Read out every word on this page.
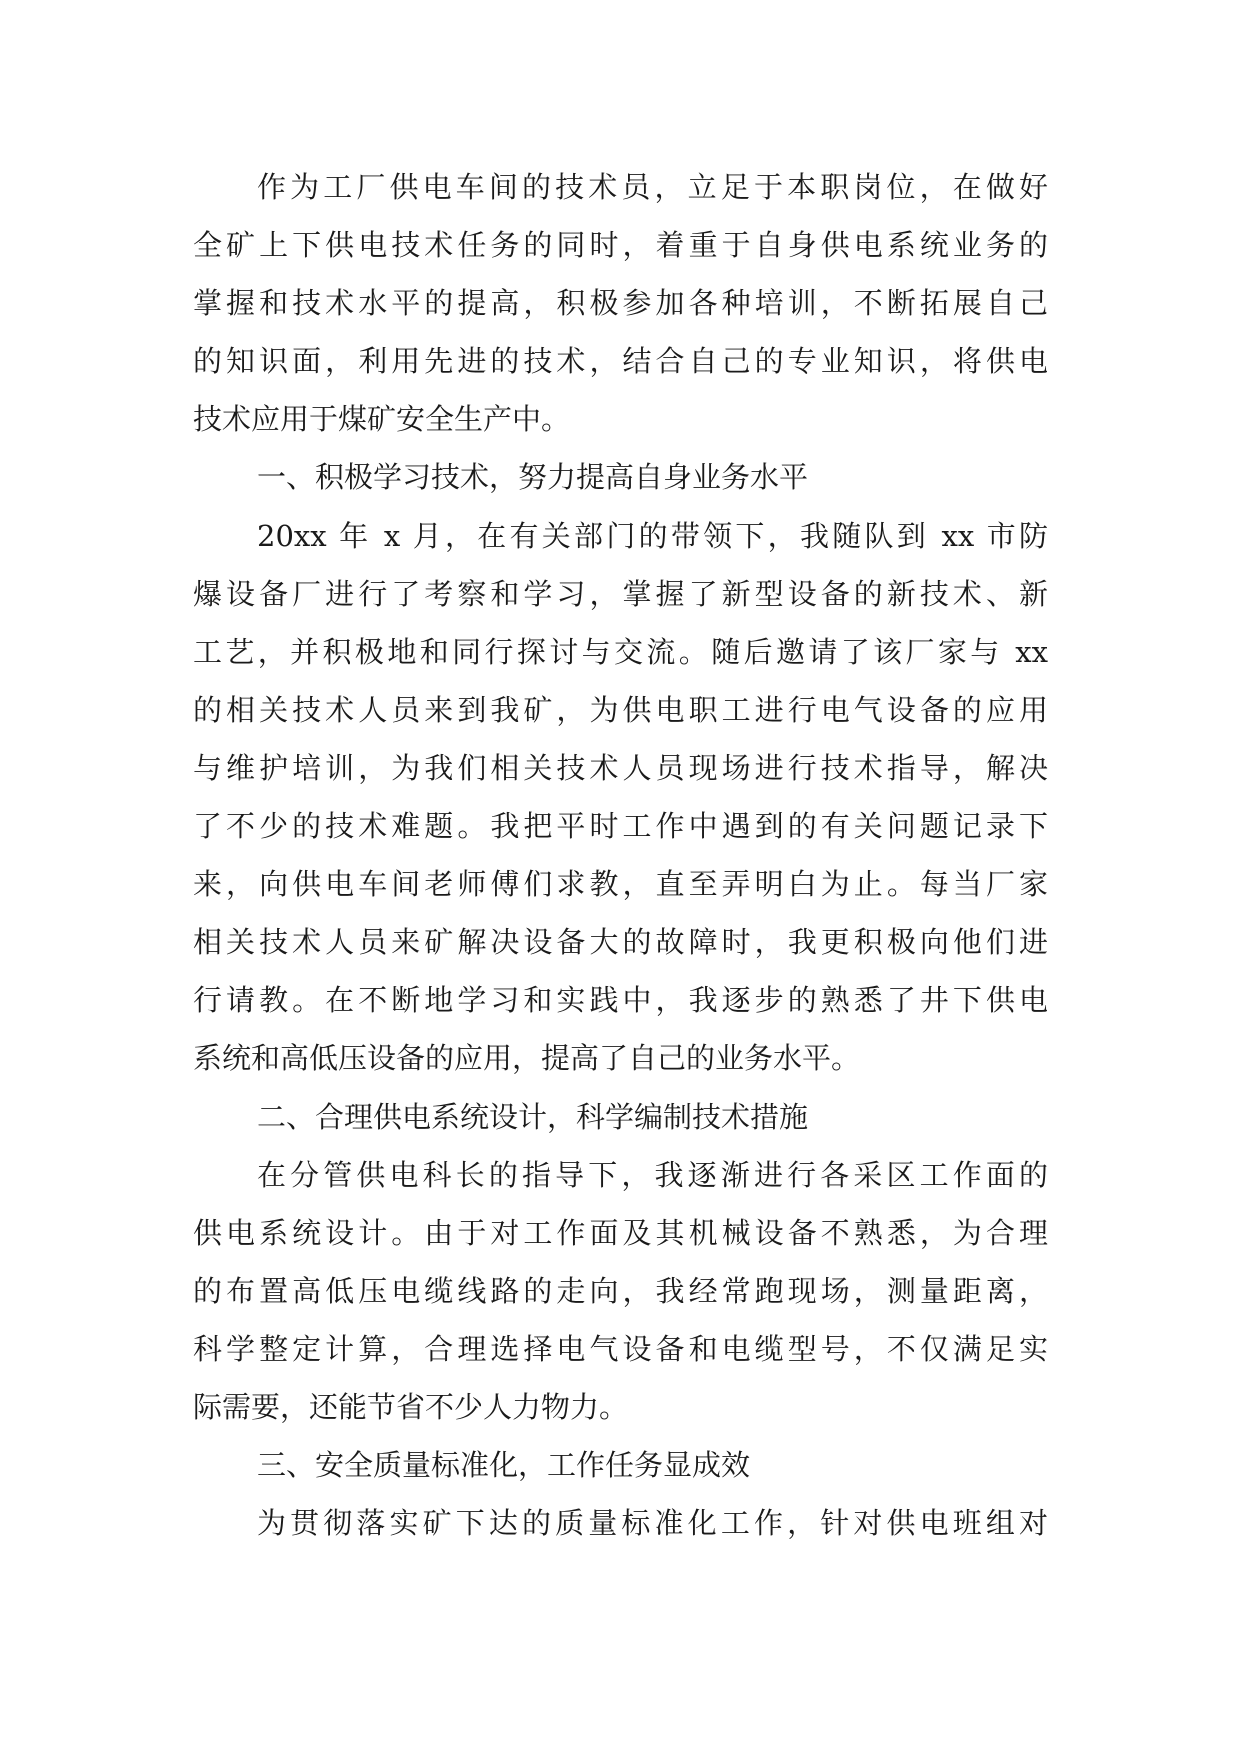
作为工厂供电车间的技术员，立足于本职岗位，在做好
全矿上下供电技术任务的同时，着重于自身供电系统业务的
掌握和技术水平的提高，积极参加各种培训，不断拓展自己
的知识面，利用先进的技术，结合自己的专业知识，将供电
技术应用于煤矿安全生产中。
一、积极学习技术，努力提高自身业务水平
20xx 年 x 月，在有关部门的带领下，我随队到 xx 市防
爆设备厂进行了考察和学习，掌握了新型设备的新技术、新
工艺，并积极地和同行探讨与交流。随后邀请了该厂家与 xx
的相关技术人员来到我矿，为供电职工进行电气设备的应用
与维护培训，为我们相关技术人员现场进行技术指导，解决
了不少的技术难题。我把平时工作中遇到的有关问题记录下
来，向供电车间老师傅们求教，直至弄明白为止。每当厂家
相关技术人员来矿解决设备大的故障时，我更积极向他们进
行请教。在不断地学习和实践中，我逐步的熟悉了井下供电
系统和高低压设备的应用，提高了自己的业务水平。
二、合理供电系统设计，科学编制技术措施
在分管供电科长的指导下，我逐渐进行各采区工作面的
供电系统设计。由于对工作面及其机械设备不熟悉，为合理
的布置高低压电缆线路的走向，我经常跑现场，测量距离，
科学整定计算，合理选择电气设备和电缆型号，不仅满足实
际需要，还能节省不少人力物力。
三、安全质量标准化，工作任务显成效
为贯彻落实矿下达的质量标准化工作，针对供电班组对
